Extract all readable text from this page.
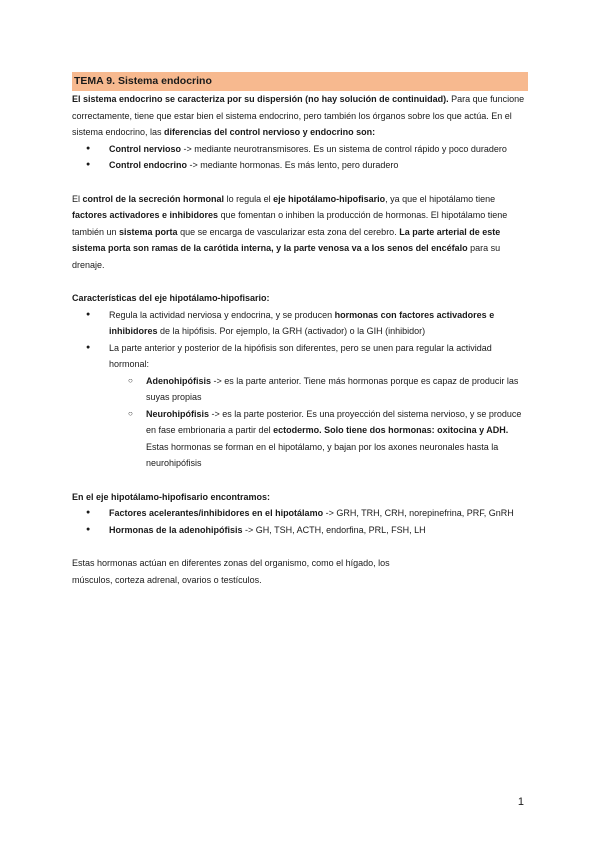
TEMA 9. Sistema endocrino

El sistema endocrino se caracteriza por su dispersión (no hay solución de continuidad). Para que funcione correctamente, tiene que estar bien el sistema endocrino, pero también los órganos sobre los que actúa. En el sistema endocrino, las diferencias del control nervioso y endocrino son:

● Control nervioso -> mediante neurotransmisores. Es un sistema de control rápido y poco duradero
● Control endocrino -> mediante hormonas. Es más lento, pero duradero

El control de la secreción hormonal lo regula el eje hipotálamo-hipofisario, ya que el hipotálamo tiene factores activadores e inhibidores que fomentan o inhiben la producción de hormonas. El hipotálamo tiene también un sistema porta que se encarga de vascularizar esta zona del cerebro. La parte arterial de este sistema porta son ramas de la carótida interna, y la parte venosa va a los senos del encéfalo para su drenaje.

Características del eje hipotálamo-hipofisario:

● Regula la actividad nerviosa y endocrina, y se producen hormonas con factores activadores e inhibidores de la hipófisis. Por ejemplo, la GRH (activador) o la GIH (inhibidor)
● La parte anterior y posterior de la hipófisis son diferentes, pero se unen para regular la actividad hormonal:
○ Adenohipófisis -> es la parte anterior. Tiene más hormonas porque es capaz de producir las suyas propias
○ Neurohipófisis -> es la parte posterior. Es una proyección del sistema nervioso, y se produce en fase embrionaria a partir del ectodermo. Solo tiene dos hormonas: oxitocina y ADH. Estas hormonas se forman en el hipotálamo, y bajan por los axones neuronales hasta la neurohipófisis

En el eje hipotálamo-hipofisario encontramos:

● Factores acelerantes/inhibidores en el hipotálamo -> GRH, TRH, CRH, norepinefrina, PRF, GnRH
● Hormonas de la adenohipófisis -> GH, TSH, ACTH, endorfina, PRL, FSH, LH

Estas hormonas actúan en diferentes zonas del organismo, como el hígado, los músculos, corteza adrenal, ovarios o testículos.

1
